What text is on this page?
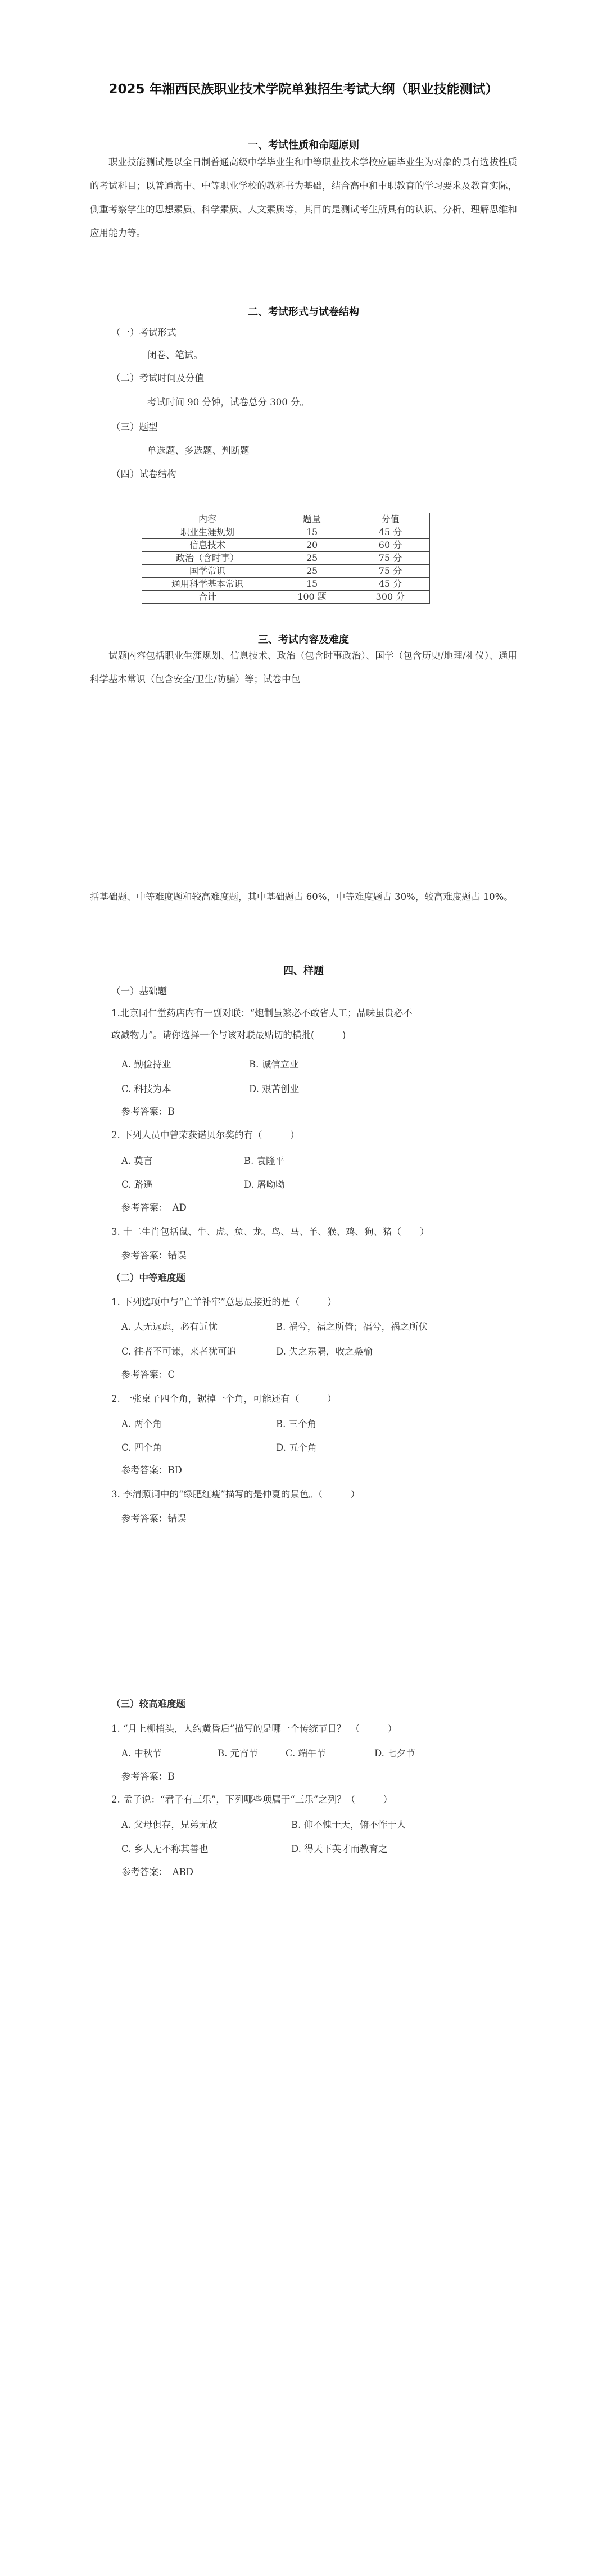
2025 年湘西民族职业技术学院单独招生考试大纲（职业技能测试）
一、考试性质和命题原则
职业技能测试是以全日制普通高级中学毕业生和中等职业技术学校应届毕业生为对象的具有选拔性质的考试科目；以普通高中、中等职业学校的教科书为基础，结合高中和中职教育的学习要求及教育实际，侧重考察学生的思想素质、科学素质、人文素质等，其目的是测试考生所具有的认识、分析、理解思维和应用能力等。
二、考试形式与试卷结构
（一）考试形式
闭卷、笔试。
（二）考试时间及分值
考试时间 90 分钟，试卷总分 300 分。
（三）题型
单选题、多选题、判断题
（四）试卷结构
内容	题量	分值
职业生涯规划	15	45 分
信息技术	20	60 分
政治（含时事）	25	75 分
国学常识	25	75 分
通用科学基本常识	15	45 分
合计	100 题	300 分
三、考试内容及难度
试题内容包括职业生涯规划、信息技术、政治（包含时事政治）、国学（包含历史/地理/礼仪）、通用科学基本常识（包含安全/卫生/防骗）等；试卷中包
括基础题、中等难度题和较高难度题，其中基础题占 60%，中等难度题占 30%，较高难度题占 10%。
四、样题
（一）基础题
1.北京同仁堂药店内有一副对联：“炮制虽繁必不敢省人工；品味虽贵必不
敢减物力”。请你选择一个与该对联最贴切的横批(　　　)
A. 勤俭持业	B. 诚信立业
C. 科技为本	D. 艰苦创业
参考答案：B
2. 下列人员中曾荣获诺贝尔奖的有（　　　）
A. 莫言	B. 袁隆平
C. 路遥	D. 屠呦呦
参考答案：　AD
3. 十二生肖包括鼠、牛、虎、兔、龙、鸟、马、羊、猴、鸡、狗、猪（　　）
参考答案：错误
（二）中等难度题
1. 下列选项中与“亡羊补牢”意思最接近的是（　　　）
A. 人无远虑，必有近忧	B. 祸兮，福之所倚；福兮，祸之所伏
C. 往者不可谏，来者犹可追	D. 失之东隅，收之桑榆
参考答案：C
2. 一张桌子四个角，锯掉一个角，可能还有（　　　）
A. 两个角	B. 三个角
C. 四个角	D. 五个角
参考答案：BD
3. 李清照词中的“绿肥红瘦”描写的是仲夏的景色。（　　　）
参考答案：错误
（三）较高难度题
1. “月上柳梢头，人约黄昏后”描写的是哪一个传统节日？　（　　　）
A. 中秋节	B. 元宵节	C. 端午节	D. 七夕节
参考答案：B
2. 孟子说：“君子有三乐”，下列哪些项属于“三乐”之列？（　　　）
A. 父母俱存，兄弟无故	B. 仰不愧于天，俯不怍于人
C. 乡人无不称其善也	D. 得天下英才而教育之
参考答案：　ABD
